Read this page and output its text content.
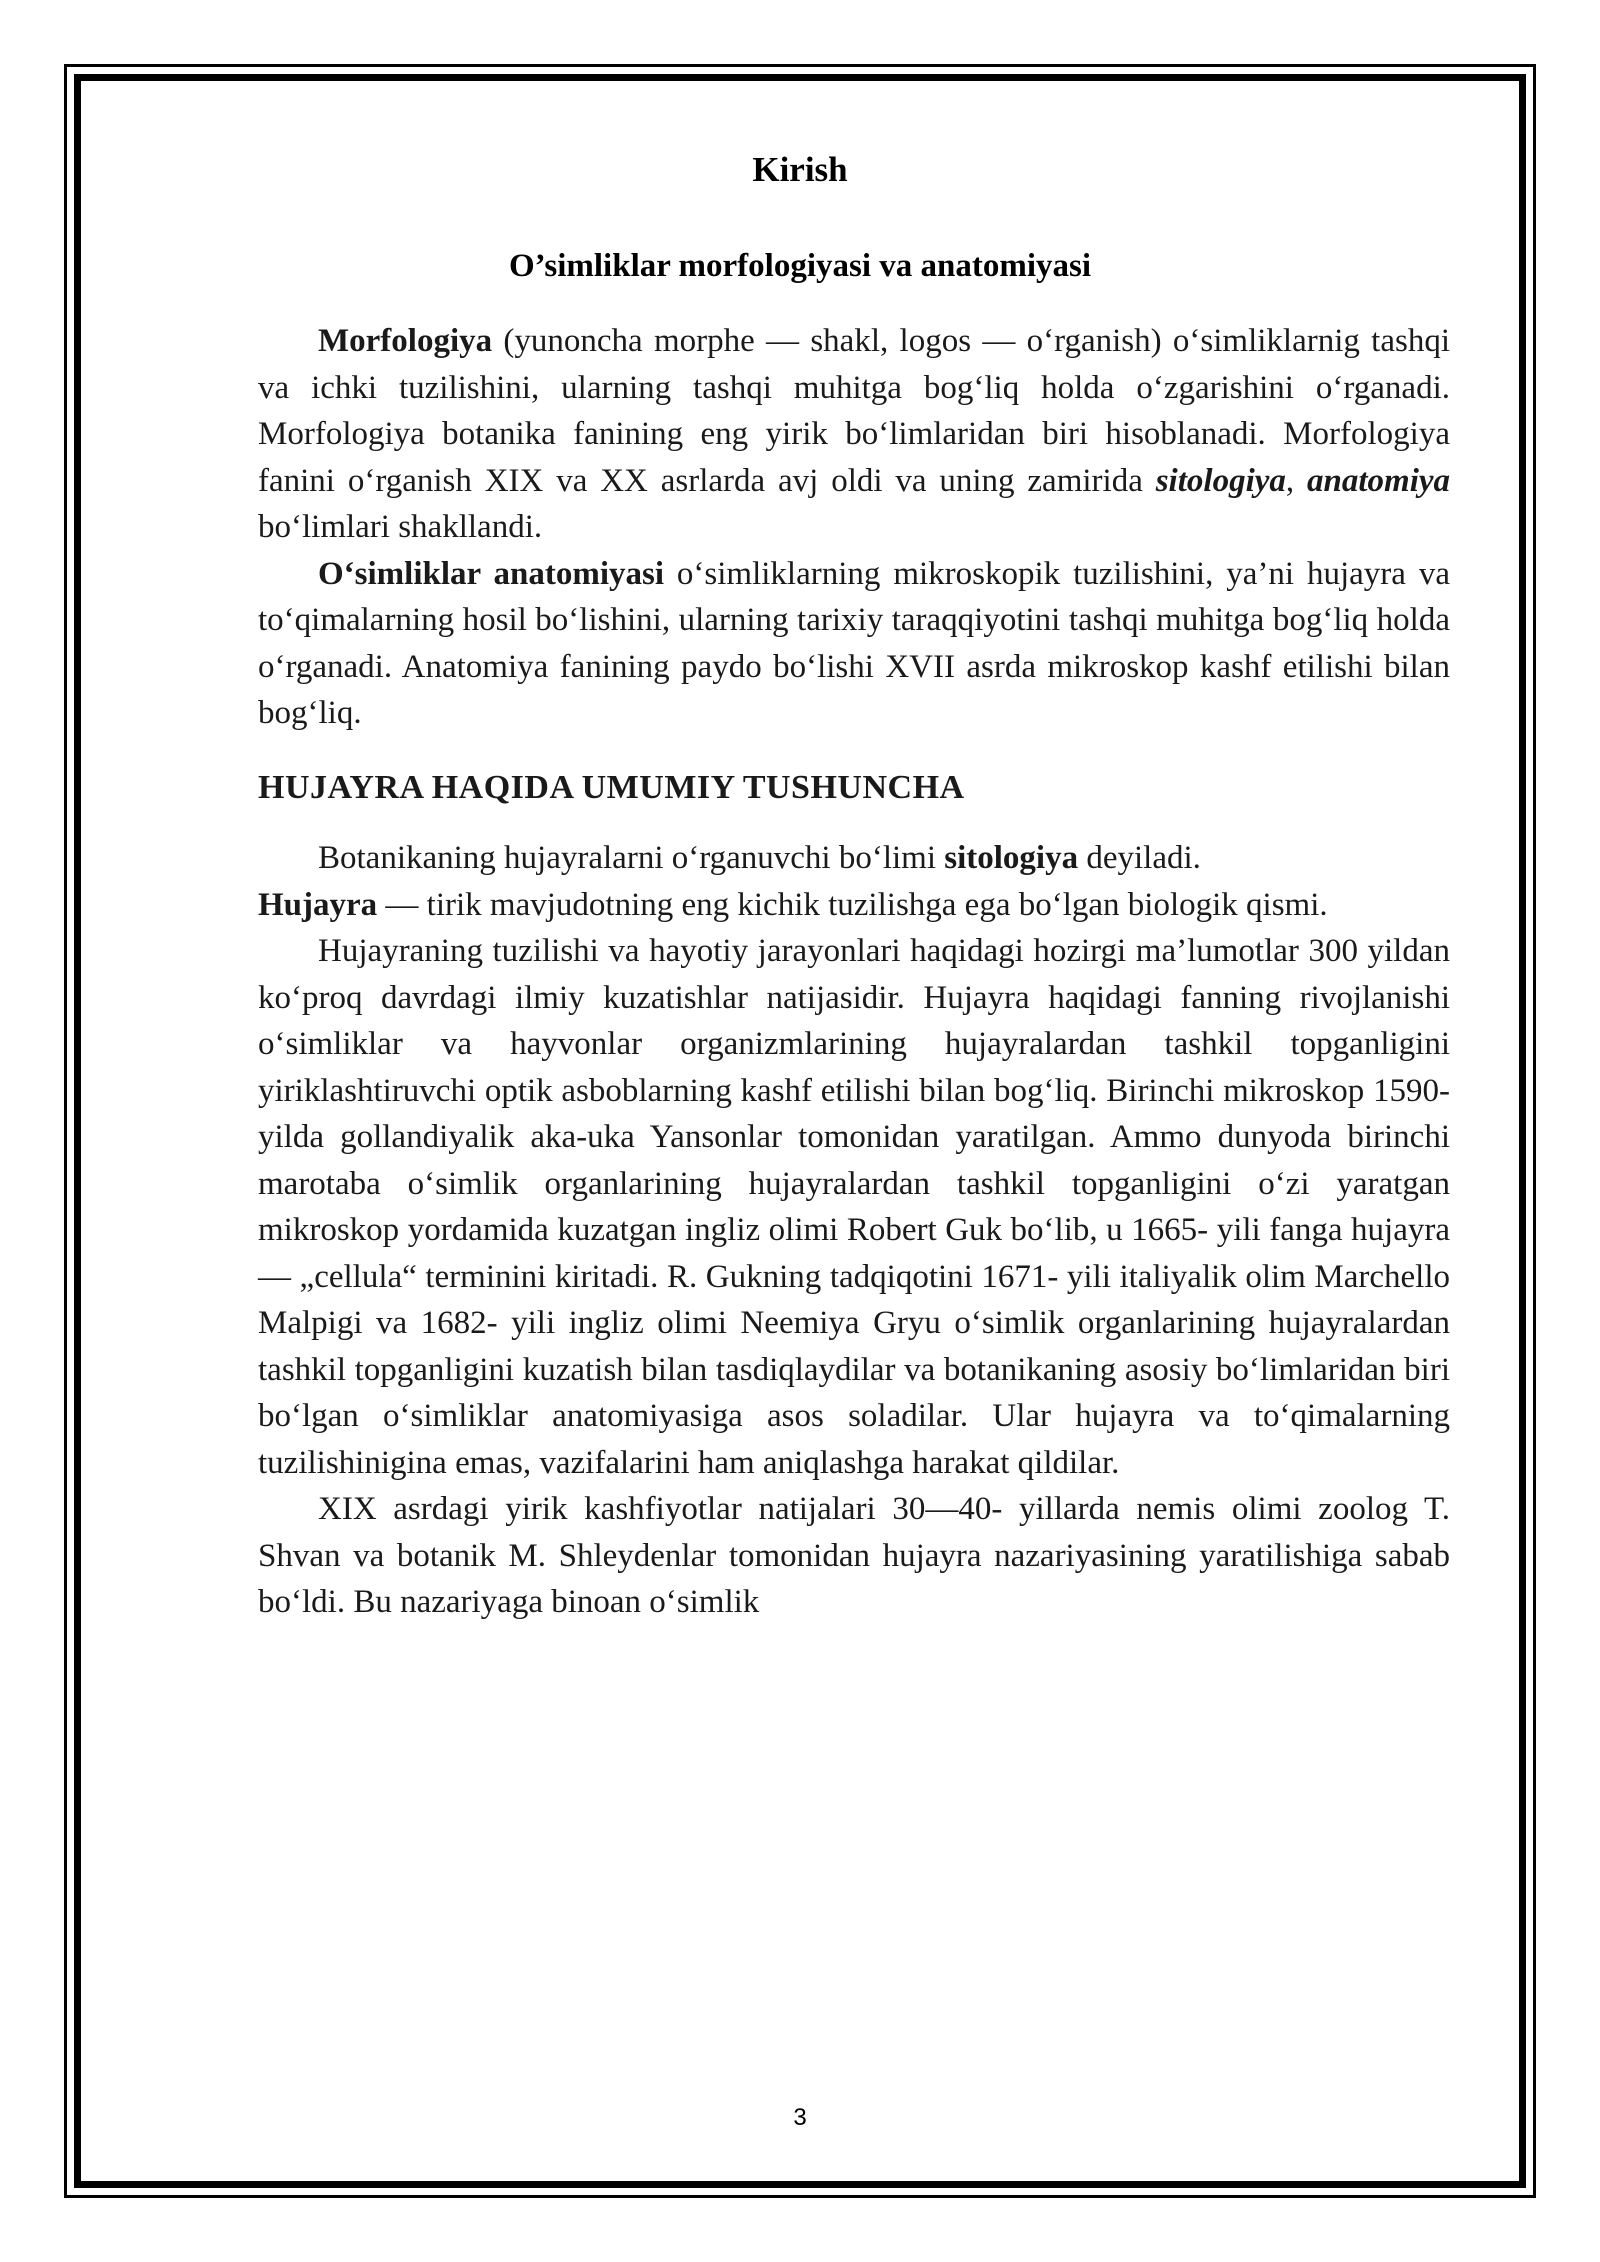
Kirish
O’simliklar morfologiyasi va anatomiyasi

Morfologiya (yunoncha morphe — shakl, logos — o‘rganish) o‘simliklarnig tashqi va ichki tuzilishini, ularning tashqi muhitga bog‘liq holda o‘zgarishini o‘rganadi. Morfologiya botanika fanining eng yirik bo‘limlaridan biri hisoblanadi. Morfologiya fanini o‘rganish XIX va XX asrlarda avj oldi va uning zamirida sitologiya, anatomiya bo‘limlari shakllandi.

O‘simliklar anatomiyasi o‘simliklarning mikroskopik tuzilishini, ya’ni hujayra va to‘qimalarning hosil bo‘lishini, ularning tarixiy taraqqiyotini tashqi muhitga bog‘liq holda o‘rganadi. Anatomiya fanining paydo bo‘lishi XVII asrda mikroskop kashf etilishi bilan bog‘liq.

HUJAYRA HAQIDA UMUMIY TUSHUNCHA

Botanikaning hujayralarni o‘rganuvchi bo‘limi sitologiya deyiladi.

Hujayra — tirik mavjudotning eng kichik tuzilishga ega bo‘lgan biologik qismi.

Hujayraning tuzilishi va hayotiy jarayonlari haqidagi hozirgi ma’lumotlar 300 yildan ko‘proq davrdagi ilmiy kuzatishlar natijasidir. Hujayra haqidagi fanning rivojlanishi o‘simliklar va hayvonlar organizmlarining hujayralardan tashkil topganligini yiriklashtiruvchi optik asboblarning kashf etilishi bilan bog‘liq. Birinchi mikroskop 1590- yilda gollandiyalik aka-uka Yansonlar tomonidan yaratilgan. Ammo dunyoda birinchi marotaba o‘simlik organlarining hujayralardan tashkil topganligini o‘zi yaratgan mikroskop yordamida kuzatgan ingliz olimi Robert Guk bo‘lib, u 1665- yili fanga hujayra — „cellula“ terminini kiritadi. R. Gukning tadqiqotini 1671- yili italiyalik olim Marchello Malpigi va 1682- yili ingliz olimi Neemiya Gryu o‘simlik organlarining hujayralardan tashkil topganligini kuzatish bilan tasdiqlaydilar va botanikaning asosiy bo‘limlaridan biri bo‘lgan o‘simliklar anatomiyasiga asos soladilar. Ular hujayra va to‘qimalarning tuzilishinigina emas, vazifalarini ham aniqlashga harakat qildilar.

XIX asrdagi yirik kashfiyotlar natijalari 30—40- yillarda nemis olimi zoolog T. Shvan va botanik M. Shleydenlar tomonidan hujayra nazariyasining yaratilishiga sabab bo‘ldi. Bu nazariyaga binoan o‘simlik

3
